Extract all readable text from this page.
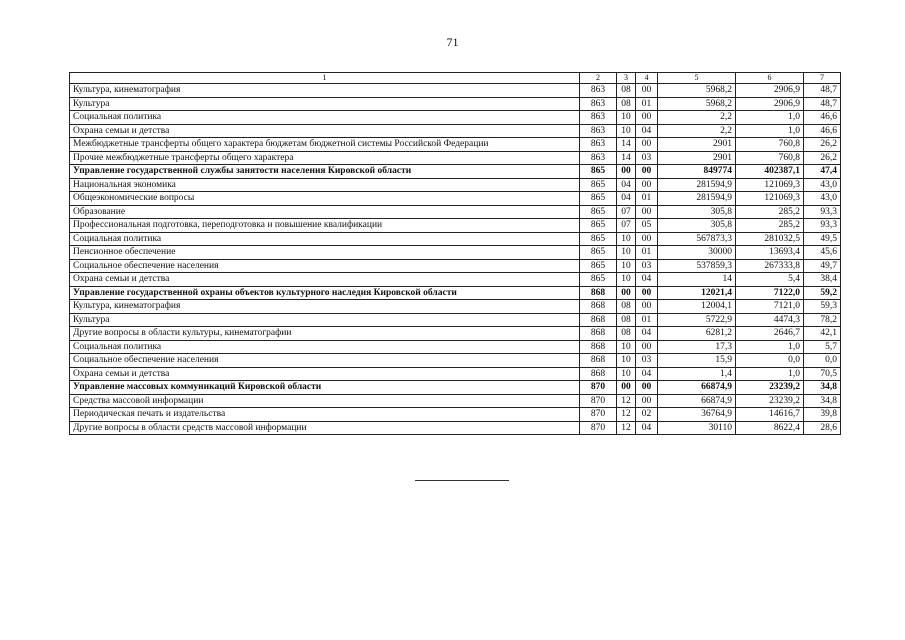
71
1	2	3	4	5	6	7
Культура, кинематография	863	08	00	5968,2	2906,9	48,7
Культура	863	08	01	5968,2	2906,9	48,7
Социальная политика	863	10	00	2,2	1,0	46,6
Охрана семьи и детства	863	10	04	2,2	1,0	46,6
Межбюджетные трансферты общего характера бюджетам бюджетной системы Российской Федерации	863	14	00	2901	760,8	26,2
Прочие межбюджетные трансферты общего характера	863	14	03	2901	760,8	26,2
Управление государственной службы занятости населения Кировской области	865	00	00	849774	402387,1	47,4
Национальная экономика	865	04	00	281594,9	121069,3	43,0
Общеэкономические вопросы	865	04	01	281594,9	121069,3	43,0
Образование	865	07	00	305,8	285,2	93,3
Профессиональная подготовка, переподготовка и повышение квалификации	865	07	05	305,8	285,2	93,3
Социальная политика	865	10	00	567873,3	281032,5	49,5
Пенсионное обеспечение	865	10	01	30000	13693,4	45,6
Социальное обеспечение населения	865	10	03	537859,3	267333,8	49,7
Охрана семьи и детства	865	10	04	14	5,4	38,4
Управление государственной охраны объектов культурного наследия Кировской области	868	00	00	12021,4	7122,0	59,2
Культура, кинематография	868	08	00	12004,1	7121,0	59,3
Культура	868	08	01	5722,9	4474,3	78,2
Другие вопросы в области культуры, кинематографии	868	08	04	6281,2	2646,7	42,1
Социальная политика	868	10	00	17,3	1,0	5,7
Социальное обеспечение населения	868	10	03	15,9	0,0	0,0
Охрана семьи и детства	868	10	04	1,4	1,0	70,5
Управление массовых коммуникаций Кировской области	870	00	00	66874,9	23239,2	34,8
Средства массовой информации	870	12	00	66874,9	23239,2	34,8
Периодическая печать и издательства	870	12	02	36764,9	14616,7	39,8
Другие вопросы в области средств массовой информации	870	12	04	30110	8622,4	28,6
